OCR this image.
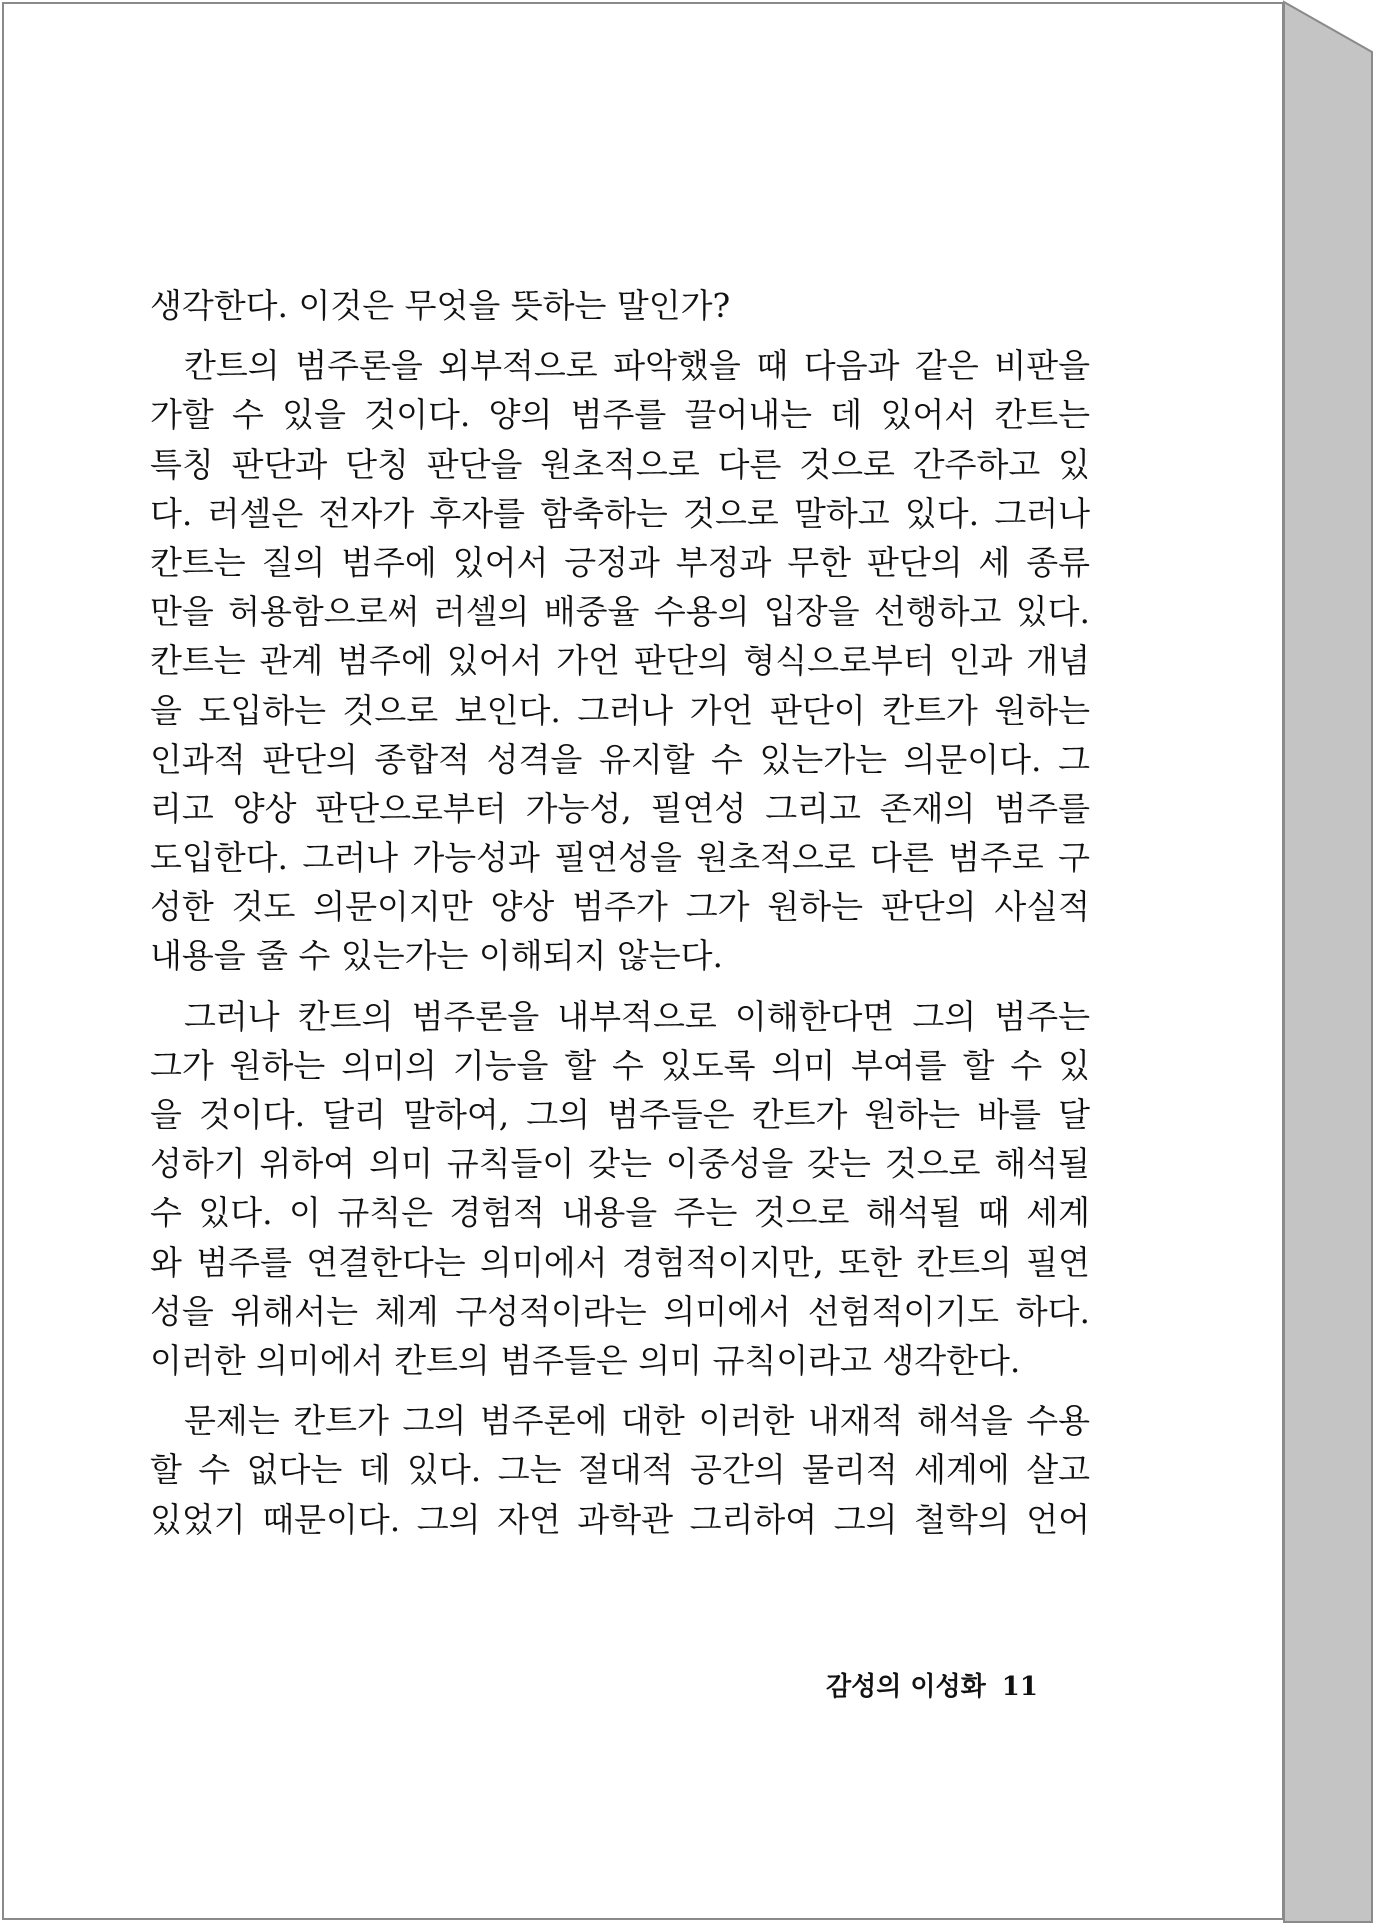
생각한다. 이것은 무엇을 뜻하는 말인가?
칸트의 범주론을 외부적으로 파악했을 때 다음과 같은 비판을
가할 수 있을 것이다. 양의 범주를 끌어내는 데 있어서 칸트는
특칭 판단과 단칭 판단을 원초적으로 다른 것으로 간주하고 있
다. 러셀은 전자가 후자를 함축하는 것으로 말하고 있다. 그러나
칸트는 질의 범주에 있어서 긍정과 부정과 무한 판단의 세 종류
만을 허용함으로써 러셀의 배중율 수용의 입장을 선행하고 있다.
칸트는 관계 범주에 있어서 가언 판단의 형식으로부터 인과 개념
을 도입하는 것으로 보인다. 그러나 가언 판단이 칸트가 원하는
인과적 판단의 종합적 성격을 유지할 수 있는가는 의문이다. 그
리고 양상 판단으로부터 가능성, 필연성 그리고 존재의 범주를
도입한다. 그러나 가능성과 필연성을 원초적으로 다른 범주로 구
성한 것도 의문이지만 양상 범주가 그가 원하는 판단의 사실적
내용을 줄 수 있는가는 이해되지 않는다.
그러나 칸트의 범주론을 내부적으로 이해한다면 그의 범주는
그가 원하는 의미의 기능을 할 수 있도록 의미 부여를 할 수 있
을 것이다. 달리 말하여, 그의 범주들은 칸트가 원하는 바를 달
성하기 위하여 의미 규칙들이 갖는 이중성을 갖는 것으로 해석될
수 있다. 이 규칙은 경험적 내용을 주는 것으로 해석될 때 세계
와 범주를 연결한다는 의미에서 경험적이지만, 또한 칸트의 필연
성을 위해서는 체계 구성적이라는 의미에서 선험적이기도 하다.
이러한 의미에서 칸트의 범주들은 의미 규칙이라고 생각한다.
문제는 칸트가 그의 범주론에 대한 이러한 내재적 해석을 수용
할 수 없다는 데 있다. 그는 절대적 공간의 물리적 세계에 살고
있었기 때문이다. 그의 자연 과학관 그리하여 그의 철학의 언어
감성의 이성화 11
